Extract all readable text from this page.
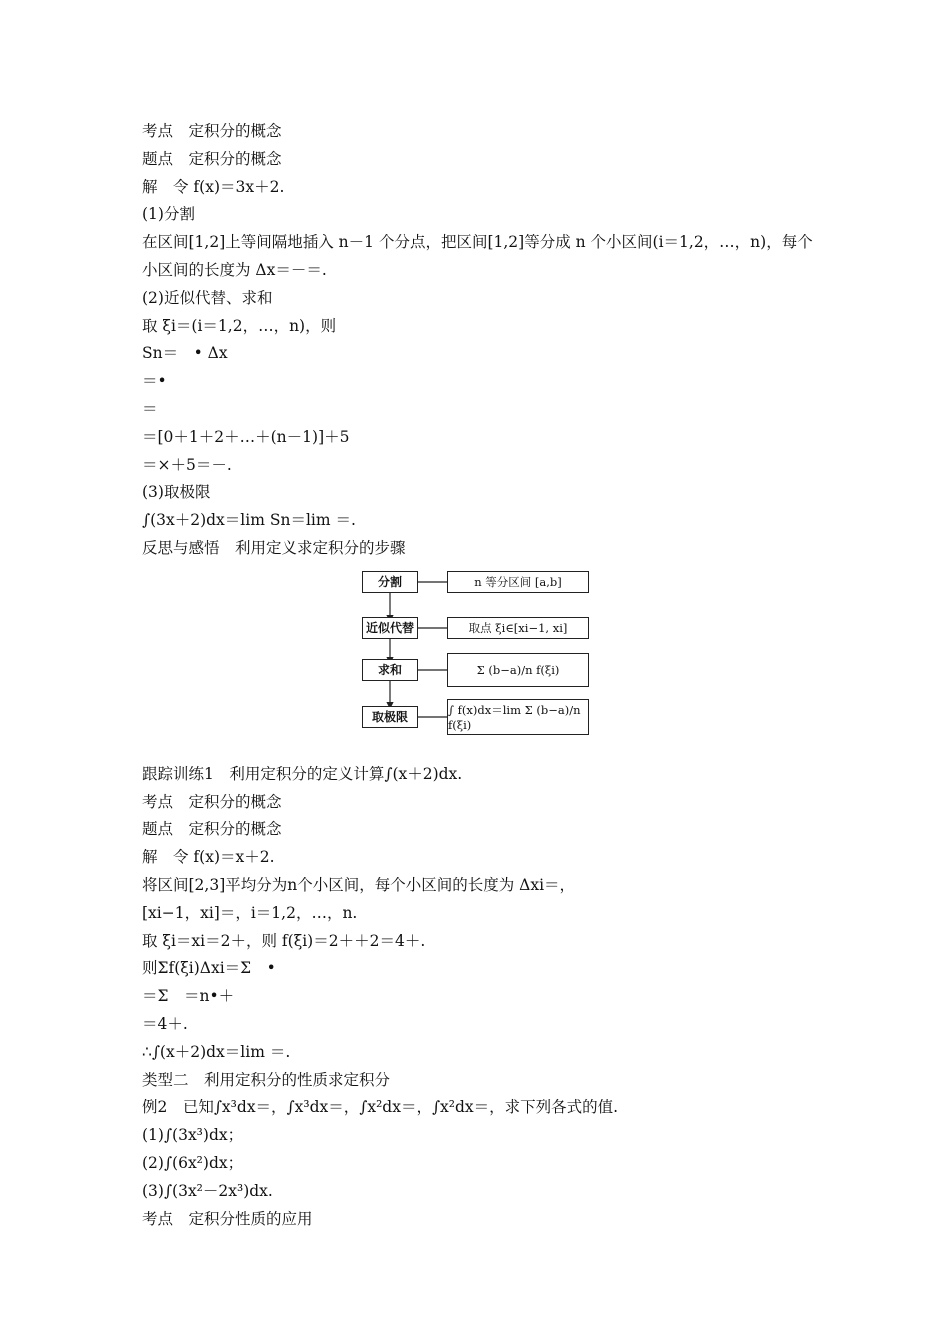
考点　定积分的概念
题点　定积分的概念
解　令 f(x)＝3x＋2.
(1)分割
在区间[1,2]上等间隔地插入 n－1 个分点，把区间[1,2]等分成 n 个小区间(i＝1,2，…，n)，每个小区间的长度为 Δx＝－＝.
(2)近似代替、求和
取 ξi＝(i＝1,2，…，n)，则
Sn＝　• Δx
＝•
＝
＝[0＋1＋2＋…＋(n－1)]＋5
＝×＋5＝－.
(3)取极限
∫(3x＋2)dx＝lim Sn＝lim ＝.
反思与感悟　利用定义求定积分的步骤
分割
近似代替
求和
取极限
n 等分区间 [a,b]
取点 ξi∈[xi−1, xi]
Σ (b−a)/n f(ξi)
∫ f(x)dx＝lim Σ (b−a)/n f(ξi)
跟踪训练1　利用定积分的定义计算∫(x＋2)dx.
考点　定积分的概念
题点　定积分的概念
解　令 f(x)＝x＋2.
将区间[2,3]平均分为n个小区间，每个小区间的长度为 Δxi＝，
[xi−1，xi]＝，i＝1,2，…，n.
取 ξi＝xi＝2＋，则 f(ξi)＝2＋＋2＝4＋.
则Σf(ξi)Δxi＝Σ　•
＝Σ　＝n•＋
＝4＋.
∴∫(x＋2)dx＝lim ＝.
类型二　利用定积分的性质求定积分
例2　已知∫x³dx＝，∫x³dx＝，∫x²dx＝，∫x²dx＝，求下列各式的值.
(1)∫(3x³)dx；
(2)∫(6x²)dx；
(3)∫(3x²－2x³)dx.
考点　定积分性质的应用
